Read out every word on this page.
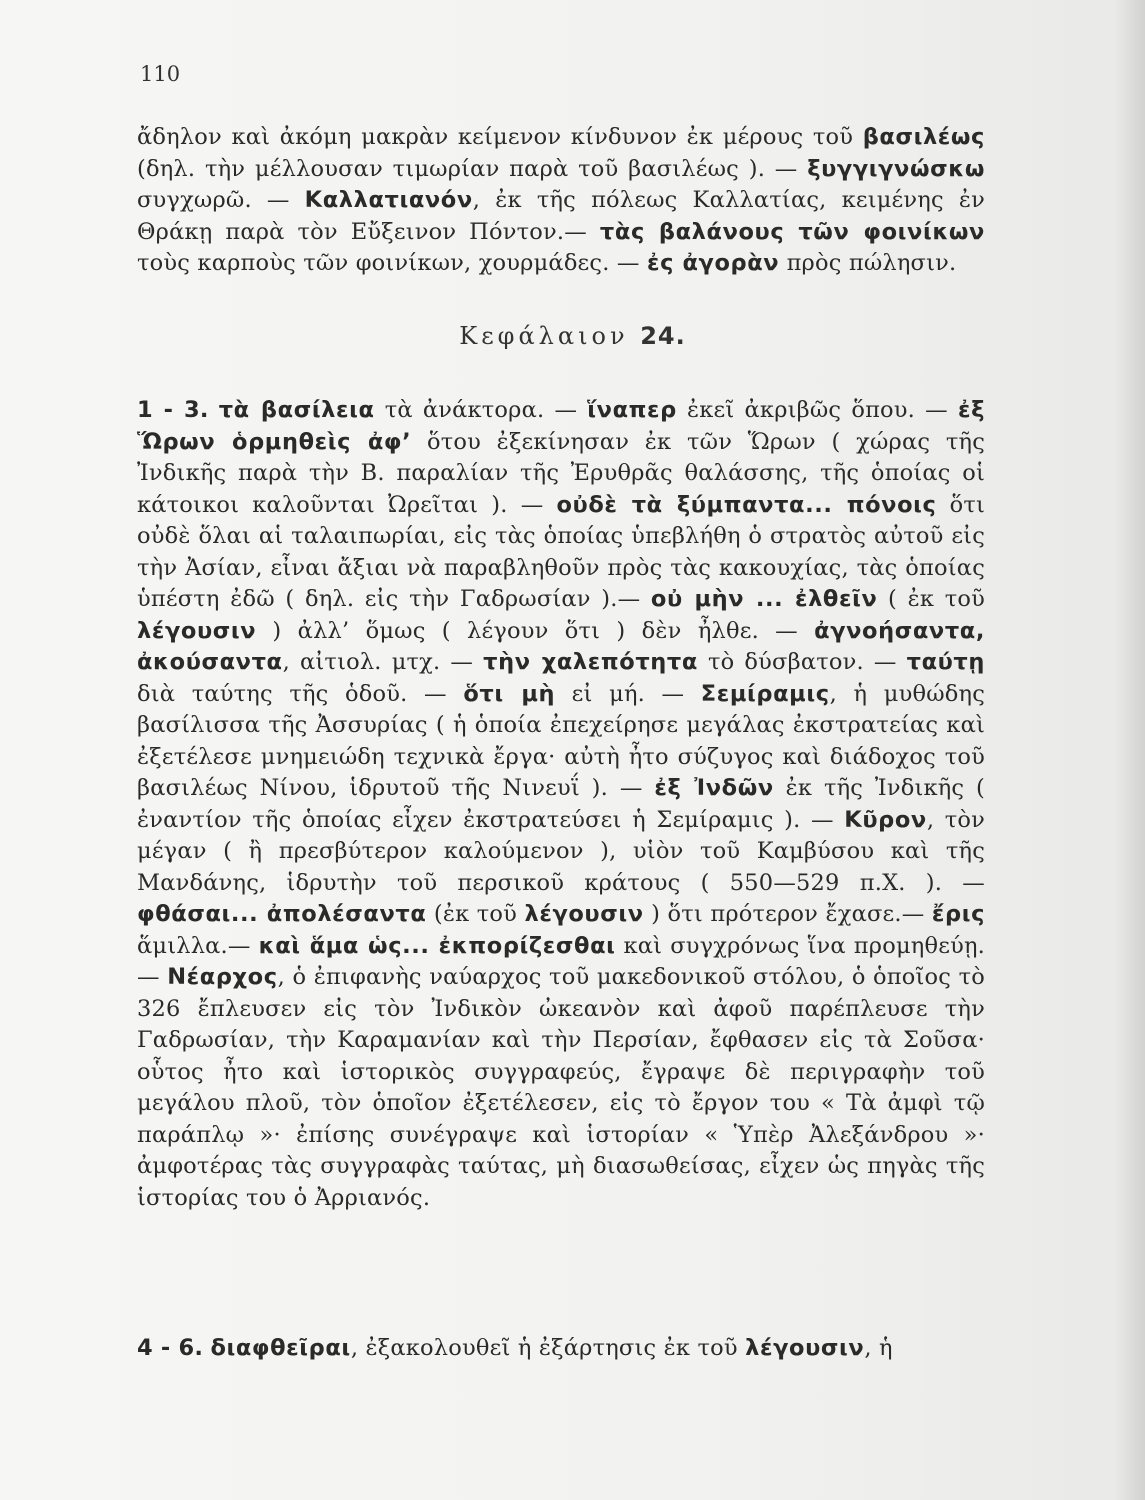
110
ἄδηλον καὶ ἀκόμη μακρὰν κείμενον κίνδυνον ἐκ μέρους τοῦ βασιλέως (δηλ. τὴν μέλλουσαν τιμωρίαν παρὰ τοῦ βασιλέως ). — ξυγγιγνώσκω συγχωρῶ. — Καλλατιανόν, ἐκ τῆς πόλεως Καλλατίας, κειμένης ἐν Θράκῃ παρὰ τὸν Εὔξεινον Πόντον.— τὰς βαλάνους τῶν φοινίκων τοὺς καρποὺς τῶν φοινίκων, χουρμάδες. — ἐς ἀγορὰν πρὸς πώλησιν.
Κεφάλαιον 24.
1 - 3. τὰ βασίλεια τὰ ἀνάκτορα. — ἵναπερ ἐκεῖ ἀκριβῶς ὅπου. — ἐξ Ὥρων ὁρμηθεὶς ἀφ’ ὅτου ἐξεκίνησαν ἐκ τῶν Ὥρων ( χώρας τῆς Ἰνδικῆς παρὰ τὴν Β. παραλίαν τῆς Ἐρυθρᾶς θαλάσσης, τῆς ὁποίας οἱ κάτοικοι καλοῦνται Ὠρεῖται ). — οὐδὲ τὰ ξύμπαντα... πόνοις ὅτι οὐδὲ ὅλαι αἱ ταλαιπωρίαι, εἰς τὰς ὁποίας ὑπεβλήθη ὁ στρατὸς αὐτοῦ εἰς τὴν Ἀσίαν, εἶναι ἄξιαι νὰ παραβληθοῦν πρὸς τὰς κακουχίας, τὰς ὁποίας ὑπέστη ἐδῶ ( δηλ. εἰς τὴν Γαδρωσίαν ).— οὐ μὴν ... ἐλθεῖν ( ἐκ τοῦ λέγουσιν ) ἀλλ’ ὅμως ( λέγουν ὅτι ) δὲν ἦλθε. — ἀγνοήσαντα, ἀκούσαντα, αἰτιολ. μτχ. — τὴν χαλεπότητα τὸ δύσβατον. — ταύτῃ διὰ ταύτης τῆς ὁδοῦ. — ὅτι μὴ εἰ μή. — Σεμίραμις, ἡ μυθώδης βασίλισσα τῆς Ἀσσυρίας ( ἡ ὁποία ἐπεχείρησε μεγάλας ἐκστρατείας καὶ ἐξετέλεσε μνημειώδη τεχνικὰ ἔργα· αὐτὴ ἦτο σύζυγος καὶ διάδοχος τοῦ βασιλέως Νίνου, ἱδρυτοῦ τῆς Νινευΐ ). — ἐξ Ἰνδῶν ἐκ τῆς Ἰνδικῆς ( ἐναντίον τῆς ὁποίας εἶχεν ἐκστρατεύσει ἡ Σεμίραμις ). — Κῦρον, τὸν μέγαν ( ἢ πρεσβύτερον καλούμενον ), υἱὸν τοῦ Καμβύσου καὶ τῆς Μανδάνης, ἱδρυτὴν τοῦ περσικοῦ κράτους ( 550—529 π.Χ. ). — φθάσαι... ἀπολέσαντα (ἐκ τοῦ λέγουσιν ) ὅτι πρότερον ἔχασε.— ἔρις ἅμιλλα.— καὶ ἅμα ὡς... ἐκπορίζεσθαι καὶ συγχρόνως ἵνα προμηθεύῃ. — Νέαρχος, ὁ ἐπιφανὴς ναύαρχος τοῦ μακεδονικοῦ στόλου, ὁ ὁποῖος τὸ 326 ἔπλευσεν εἰς τὸν Ἰνδικὸν ὠκεανὸν καὶ ἀφοῦ παρέπλευσε τὴν Γαδρωσίαν, τὴν Καραμανίαν καὶ τὴν Περσίαν, ἔφθασεν εἰς τὰ Σοῦσα· οὗτος ἦτο καὶ ἱστορικὸς συγγραφεύς, ἔγραψε δὲ περιγραφὴν τοῦ μεγάλου πλοῦ, τὸν ὁποῖον ἐξετέλεσεν, εἰς τὸ ἔργον του « Τὰ ἀμφὶ τῷ παράπλῳ »· ἐπίσης συνέγραψε καὶ ἱστορίαν « Ὑπὲρ Ἀλεξάνδρου »· ἀμφοτέρας τὰς συγγραφὰς ταύτας, μὴ διασωθείσας, εἶχεν ὡς πηγὰς τῆς ἱστορίας του ὁ Ἀρριανός.
4 - 6. διαφθεῖραι, ἐξακολουθεῖ ἡ ἐξάρτησις ἐκ τοῦ λέγουσιν, ἡ
